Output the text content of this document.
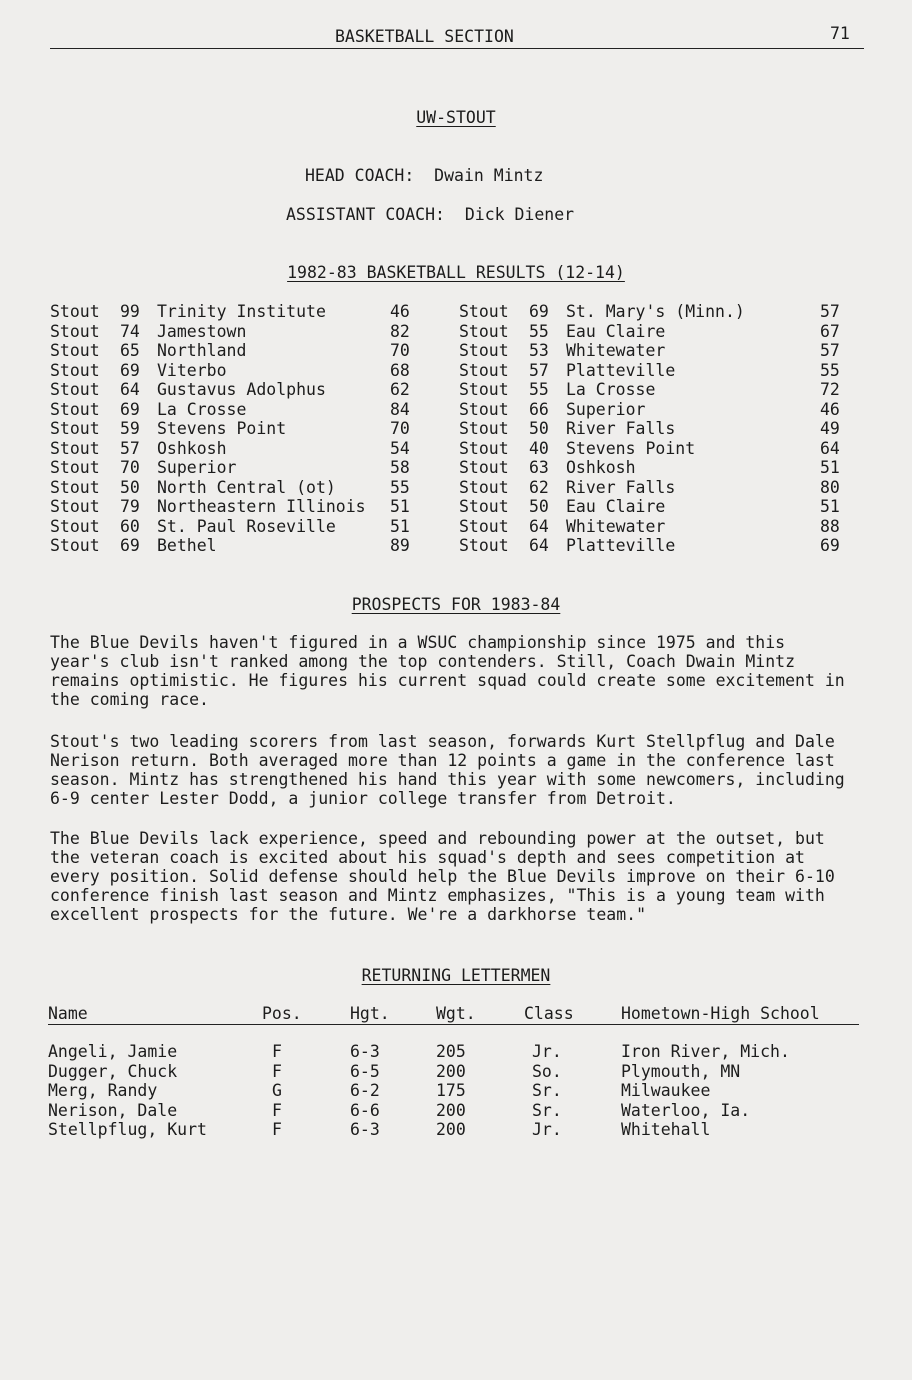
BASKETBALL SECTION	71
UW-STOUT
HEAD COACH: Dwain Mintz
ASSISTANT COACH: Dick Diener
1982-83 BASKETBALL RESULTS (12-14)
Stout 99 Trinity Institute	46
Stout 74 Jamestown	82
Stout 65 Northland	70
Stout 69 Viterbo	68
Stout 64 Gustavus Adolphus	62
Stout 69 La Crosse	84
Stout 59 Stevens Point	70
Stout 57 Oshkosh	54
Stout 70 Superior	58
Stout 50 North Central (ot)	55
Stout 79 Northeastern Illinois 51
Stout 60 St. Paul Roseville	51
Stout 69 Bethel	89
Stout 69 St. Mary's (Minn.)	57
Stout 55 Eau Claire	67
Stout 53 Whitewater	57
Stout 57 Platteville	55
Stout 55 La Crosse	72
Stout 66 Superior	46
Stout 50 River Falls	49
Stout 40 Stevens Point	64
Stout 63 Oshkosh	51
Stout 62 River Falls	80
Stout 50 Eau Claire	51
Stout 64 Whitewater	88
Stout 64 Platteville	69
PROSPECTS FOR 1983-84
The Blue Devils haven't figured in a WSUC championship since 1975 and this year's club isn't ranked among the top contenders. Still, Coach Dwain Mintz remains optimistic. He figures his current squad could create some excitement in the coming race.
Stout's two leading scorers from last season, forwards Kurt Stellpflug and Dale Nerison return. Both averaged more than 12 points a game in the conference last season. Mintz has strengthened his hand this year with some newcomers, including 6-9 center Lester Dodd, a junior college transfer from Detroit.
The Blue Devils lack experience, speed and rebounding power at the outset, but the veteran coach is excited about his squad's depth and sees competition at every position. Solid defense should help the Blue Devils improve on their 6-10 conference finish last season and Mintz emphasizes, "This is a young team with excellent prospects for the future. We're a darkhorse team."
RETURNING LETTERMEN
Name	Pos.	Hgt.	Wgt.	Class	Hometown-High School
Angeli, Jamie	F	6-3	205	Jr.	Iron River, Mich.
Dugger, Chuck	F	6-5	200	So.	Plymouth, MN
Merg, Randy	G	6-2	175	Sr.	Milwaukee
Nerison, Dale	F	6-6	200	Sr.	Waterloo, Ia.
Stellpflug, Kurt	F	6-3	200	Jr.	Whitehall
